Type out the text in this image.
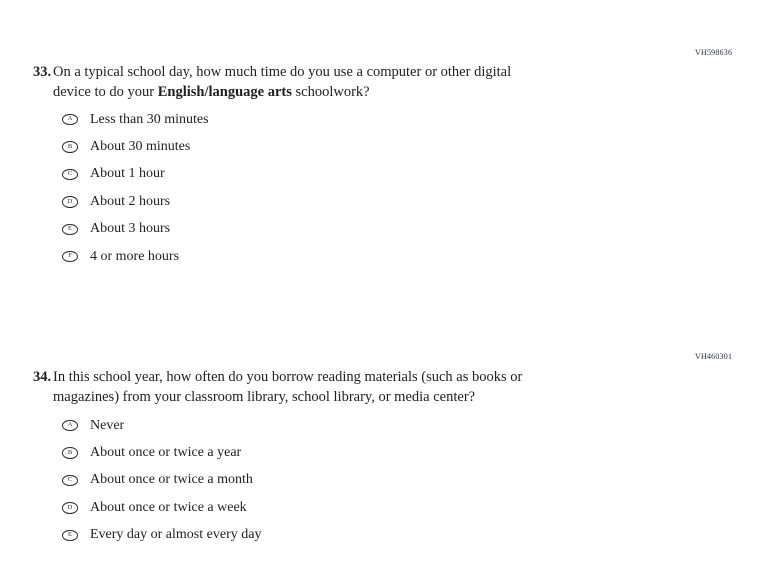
VH598636
33. On a typical school day, how much time do you use a computer or other digital
device to do your English/language arts schoolwork?
A Less than 30 minutes
B About 30 minutes
C About 1 hour
D About 2 hours
E About 3 hours
F 4 or more hours
VH460301
34. In this school year, how often do you borrow reading materials (such as books or
magazines) from your classroom library, school library, or media center?
A Never
B About once or twice a year
C About once or twice a month
D About once or twice a week
E Every day or almost every day
